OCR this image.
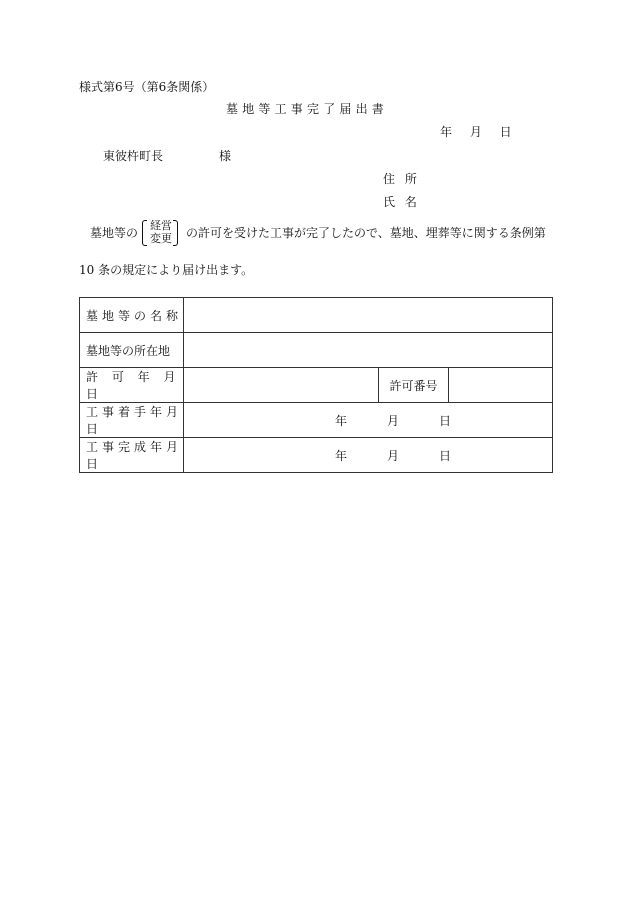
様式第6号（第6条関係）
墓地等工事完了届出書
年 月 日
東彼杵町長	様
住 所
氏 名
墓地等の
経営
変更 の許可を受けた工事が完了したので、墓地、埋葬等に関する条例第
10 条の規定により届け出ます。
墓地等の名称			
墓地等の所在地			
許 可 年 月 日		許可番号	
工事着手年月日	年 月 日		

工事完成年月日	年 月 日		
